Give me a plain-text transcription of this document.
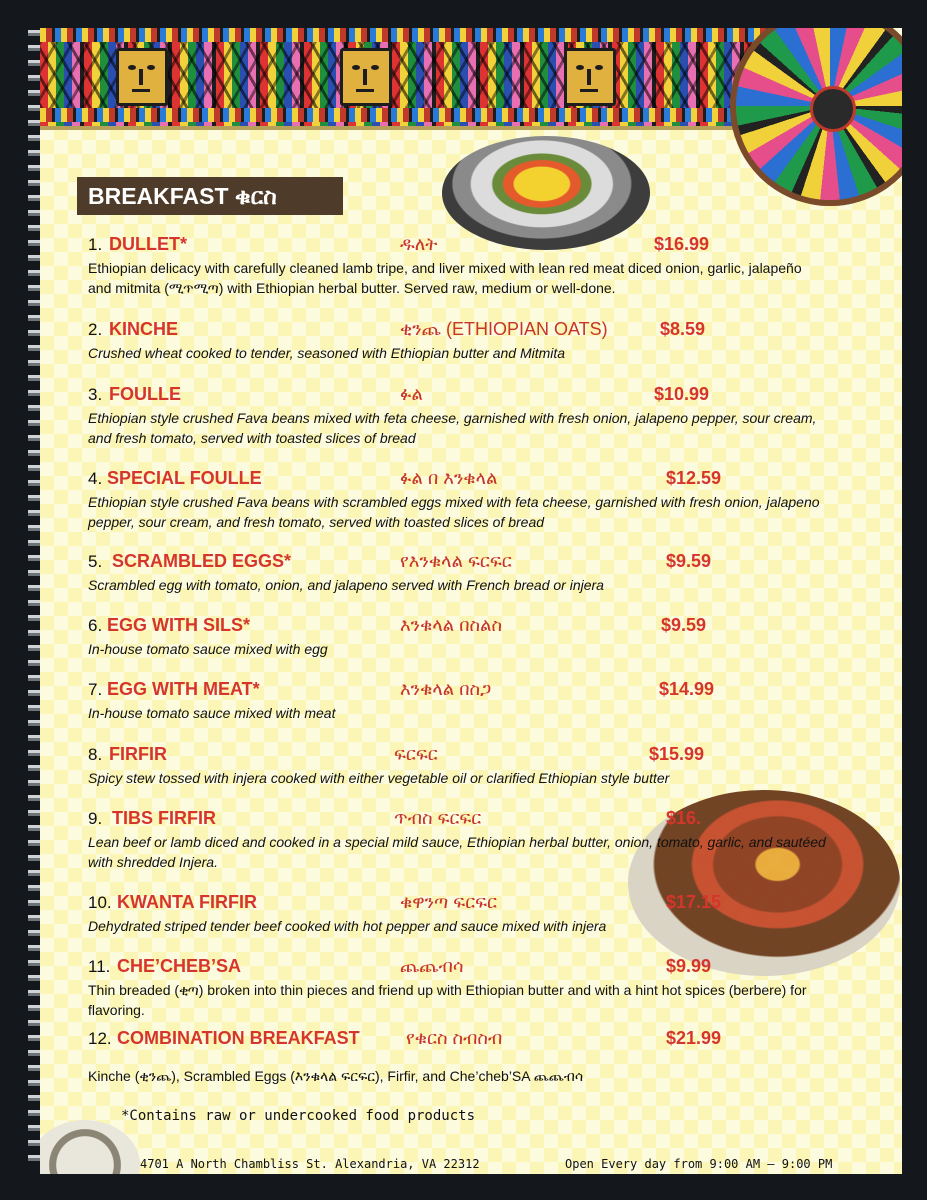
BREAKFAST ቁርስ
1. DULLET*	ዱለት	$16.99
Ethiopian delicacy with carefully cleaned lamb tripe, and liver mixed with lean red meat diced onion, garlic, jalapeño and mitmita (ሚጥሚጣ) with Ethiopian herbal butter. Served raw, medium or well-done.
2. KINCHE	ቂንጨ (ETHIOPIAN OATS)	$8.59
Crushed wheat cooked to tender, seasoned with Ethiopian butter and Mitmita
3. FOULLE	ፉል	$10.99
Ethiopian style crushed Fava beans mixed with feta cheese, garnished with fresh onion, jalapeno pepper, sour cream, and fresh tomato, served with toasted slices of bread
4. SPECIAL FOULLE	ፉል በ እንቁላል	$12.59
Ethiopian style crushed Fava beans with scrambled eggs mixed with feta cheese, garnished with fresh onion, jalapeno pepper, sour cream, and fresh tomato, served with toasted slices of bread
5. SCRAMBLED EGGS*	የእንቁላል ፍርፍር	$9.59
Scrambled egg with tomato, onion, and jalapeno served with French bread or injera
6. EGG WITH SILS*	እንቁላል በስልስ	$9.59
In-house tomato sauce mixed with egg
7. EGG WITH MEAT*	እንቁላል በስጋ	$14.99
In-house tomato sauce mixed with meat
8. FIRFIR	ፍርፍር	$15.99
Spicy stew tossed with injera cooked with either vegetable oil or clarified Ethiopian style butter
9. TIBS FIRFIR	ጥብስ ፍርፍር	$16.
Lean beef or lamb diced and cooked in a special mild sauce, Ethiopian herbal butter, onion, tomato, garlic, and sautéed with shredded Injera.
10. KWANTA FIRFIR	ቁዋንጣ ፍርፍር	$17.15
Dehydrated striped tender beef cooked with hot pepper and sauce mixed with injera
11. CHE’CHEB’SA	ጨጨብሳ	$9.99
Thin breaded (ቂጣ) broken into thin pieces and friend up with Ethiopian butter and with a hint hot spices (berbere) for flavoring.
12. COMBINATION BREAKFAST	የቁርስ ስብስብ	$21.99
Kinche (ቂንጨ), Scrambled Eggs (እንቁላል ፍርፍር), Firfir, and Che’cheb’SA ጨጨብሳ
*Contains raw or undercooked food products
4701 A North Chambliss St. Alexandria, VA 22312	Open Every day from 9:00 AM — 9:00 PM
